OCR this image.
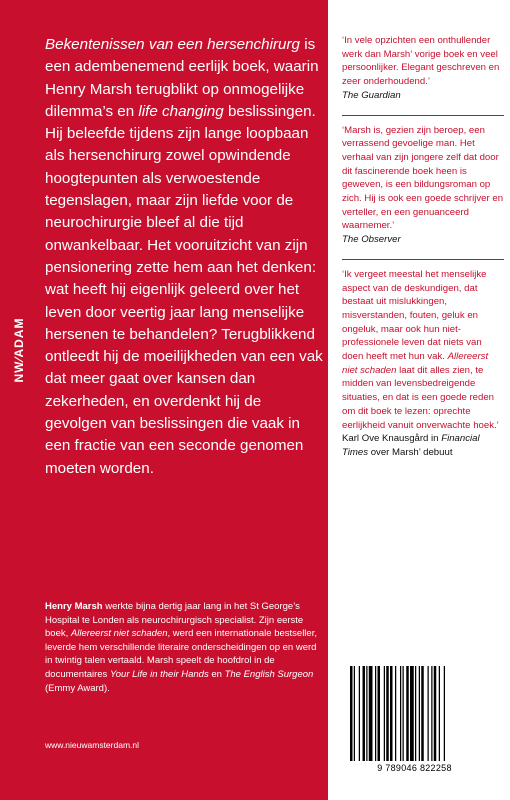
Bekentenissen van een hersenchirurg is een adembenemend eerlijk boek, waarin Henry Marsh terugblikt op onmogelijke dilemma’s en life changing beslissingen. Hij beleefde tijdens zijn lange loopbaan als hersenchirurg zowel opwindende hoogtepunten als verwoestende tegenslagen, maar zijn liefde voor de neurochirurgie bleef al die tijd onwankelbaar. Het vooruitzicht van zijn pensionering zette hem aan het denken: wat heeft hij eigenlijk geleerd over het leven door veertig jaar lang menselijke hersenen te behandelen? Terugblikkend ontleedt hij de moeilijkheden van een vak dat meer gaat over kansen dan zekerheden, en overdenkt hij de gevolgen van beslissingen die vaak in een fractie van een seconde genomen moeten worden.
NW⁄ADAM
Henry Marsh werkte bijna dertig jaar lang in het St George’s Hospital te Londen als neurochirurgisch specialist. Zijn eerste boek, Allereerst niet schaden, werd een internationale bestseller, leverde hem verschillende literaire onderscheidingen op en werd in twintig talen vertaald. Marsh speelt de hoofdrol in de documentaires Your Life in their Hands en The English Surgeon (Emmy Award).
www.nieuwamsterdam.nl

‘In vele opzichten een onthullender werk dan Marsh’ vorige boek en veel persoonlijker. Elegant geschreven en zeer onderhoudend.’

The Guardian

‘Marsh is, gezien zijn beroep, een verrassend gevoelige man. Het verhaal van zijn jongere zelf dat door dit fascinerende boek heen is geweven, is een bildungsroman op zich. Hij is ook een goede schrijver en verteller, en een genuanceerd waarnemer.’

The Observer

‘Ik vergeet meestal het menselijke aspect van de deskundigen, dat bestaat uit mislukkingen, misverstanden, fouten, geluk en ongeluk, maar ook hun niet-professionele leven dat niets van doen heeft met hun vak. Allereerst niet schaden laat dit alles zien, te midden van levensbedreigende situaties, en dat is een goede reden om dit boek te lezen: oprechte eerlijkheid vanuit onverwachte hoek.’

Karl Ove Knausgård in Financial Times over Marsh’ debuut
9 789046 822258
